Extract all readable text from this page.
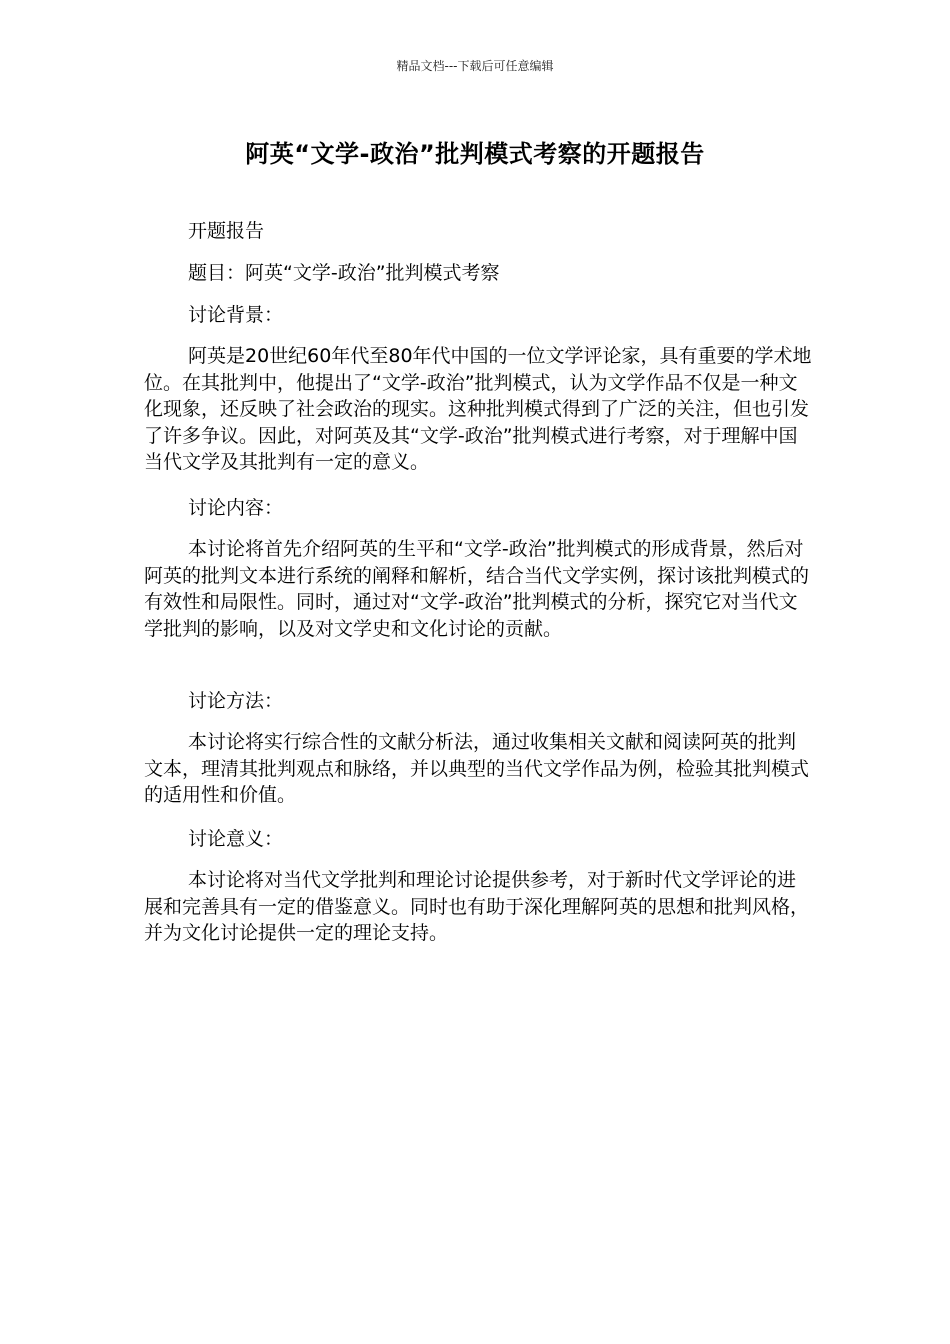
精品文档---下载后可任意编辑
阿英“文学-政治”批判模式考察的开题报告

开题报告

题目：阿英“文学-政治”批判模式考察

讨论背景：

阿英是20世纪60年代至80年代中国的一位文学评论家，具有重要的学术地位。在其批判中，他提出了“文学-政治”批判模式，认为文学作品不仅是一种文化现象，还反映了社会政治的现实。这种批判模式得到了广泛的关注，但也引发了许多争议。因此，对阿英及其“文学-政治”批判模式进行考察，对于理解中国当代文学及其批判有一定的意义。

讨论内容：

本讨论将首先介绍阿英的生平和“文学-政治”批判模式的形成背景，然后对阿英的批判文本进行系统的阐释和解析，结合当代文学实例，探讨该批判模式的有效性和局限性。同时，通过对“文学-政治”批判模式的分析，探究它对当代文学批判的影响，以及对文学史和文化讨论的贡献。

讨论方法：

本讨论将实行综合性的文献分析法，通过收集相关文献和阅读阿英的批判文本，理清其批判观点和脉络，并以典型的当代文学作品为例，检验其批判模式的适用性和价值。

讨论意义：

本讨论将对当代文学批判和理论讨论提供参考，对于新时代文学评论的进展和完善具有一定的借鉴意义。同时也有助于深化理解阿英的思想和批判风格，并为文化讨论提供一定的理论支持。
